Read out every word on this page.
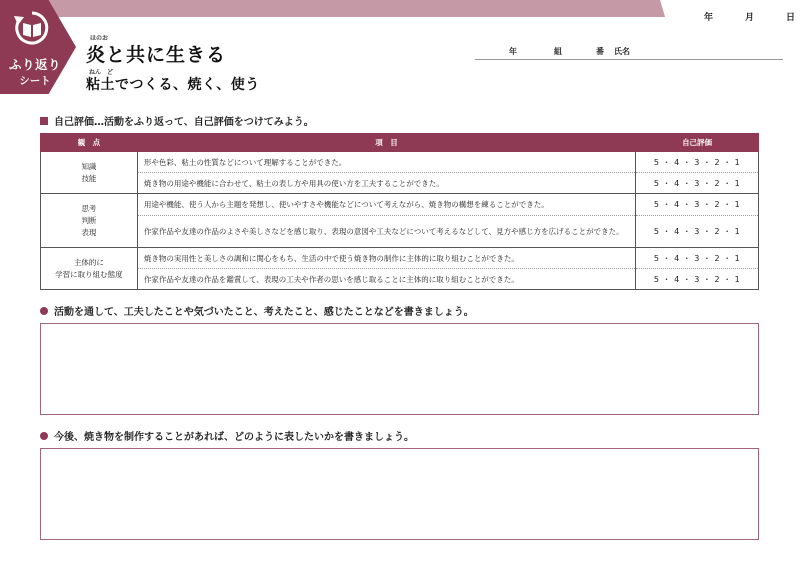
年	月	日
ふり返り
シート
ほのお
炎と共に生きる
ねん　ど
粘土でつくる、焼く、使う
年	組	番 氏名
自己評価…活動をふり返って、自己評価をつけてみよう。
観　点	項　目	自己評価

知識
技能	形や色彩、粘土の性質などについて理解することができた。	5 ・ 4 ・ 3 ・ 2 ・ 1
	焼き物の用途や機能に合わせて、粘土の表し方や用具の使い方を工夫することができた。	5 ・ 4 ・ 3 ・ 2 ・ 1

思考
判断
表現	用途や機能、使う人から主題を発想し、使いやすさや機能などについて考えながら、焼き物の構想を練ることができた。	5 ・ 4 ・ 3 ・ 2 ・ 1
	作家作品や友達の作品のよさや美しさなどを感じ取り、表現の意図や工夫などについて考えるなどして、見方や感じ方を広げることができた。	5 ・ 4 ・ 3 ・ 2 ・ 1

主体的に
学習に取り組む態度	焼き物の実用性と美しさの調和に関心をもち、生活の中で使う焼き物の制作に主体的に取り組むことができた。	5 ・ 4 ・ 3 ・ 2 ・ 1
	作家作品や友達の作品を鑑賞して、表現の工夫や作者の思いを感じ取ることに主体的に取り組むことができた。	5 ・ 4 ・ 3 ・ 2 ・ 1
活動を通して、工夫したことや気づいたこと、考えたこと、感じたことなどを書きましょう。
今後、焼き物を制作することがあれば、どのように表したいかを書きましょう。
